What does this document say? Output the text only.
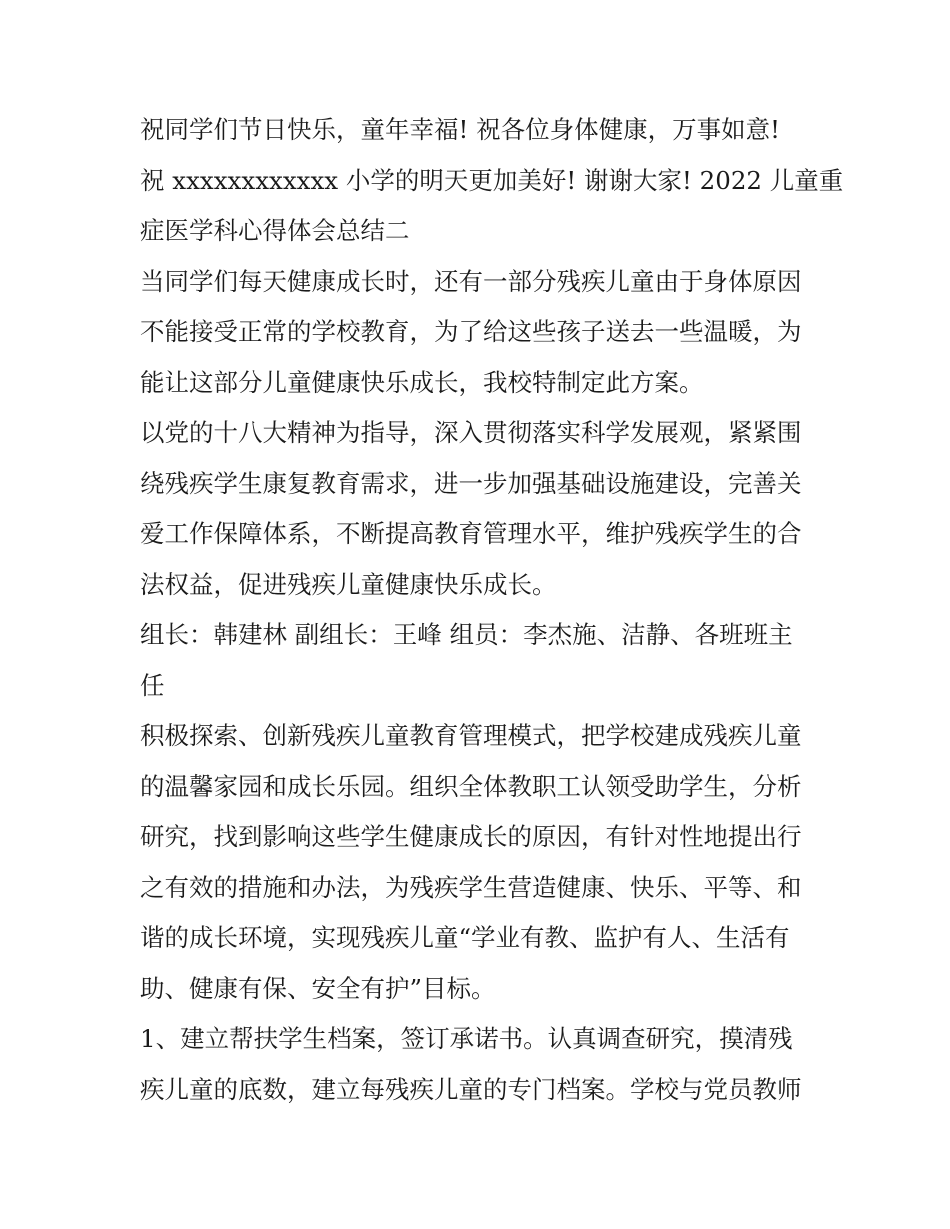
祝同学们节日快乐，童年幸福! 祝各位身体健康，万事如意!
祝 xxxxxxxxxxxx 小学的明天更加美好! 谢谢大家! 2022 儿童重
症医学科心得体会总结二
当同学们每天健康成长时，还有一部分残疾儿童由于身体原因
不能接受正常的学校教育，为了给这些孩子送去一些温暖，为
能让这部分儿童健康快乐成长，我校特制定此方案。
以党的十八大精神为指导，深入贯彻落实科学发展观，紧紧围
绕残疾学生康复教育需求，进一步加强基础设施建设，完善关
爱工作保障体系，不断提高教育管理水平，维护残疾学生的合
法权益，促进残疾儿童健康快乐成长。
组长：韩建林 副组长：王峰 组员：李杰施、洁静、各班班主
任
积极探索、创新残疾儿童教育管理模式，把学校建成残疾儿童
的温馨家园和成长乐园。组织全体教职工认领受助学生，分析
研究，找到影响这些学生健康成长的原因，有针对性地提出行
之有效的措施和办法，为残疾学生营造健康、快乐、平等、和
谐的成长环境，实现残疾儿童“学业有教、监护有人、生活有
助、健康有保、安全有护”目标。
1、建立帮扶学生档案，签订承诺书。认真调查研究，摸清残
疾儿童的底数，建立每残疾儿童的专门档案。学校与党员教师
